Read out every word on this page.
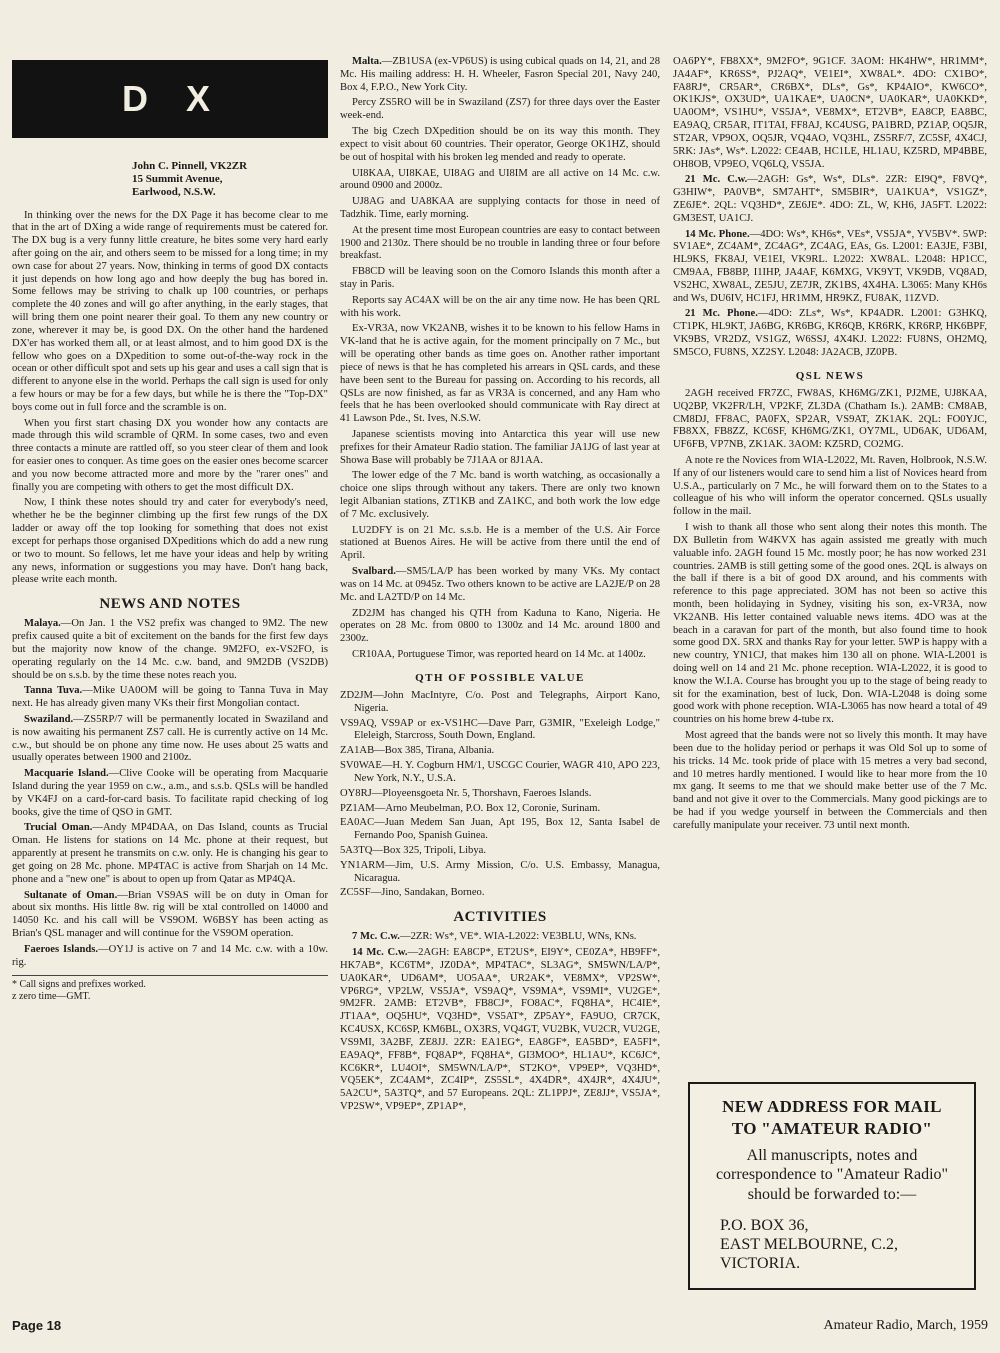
D X
John C. Pinnell, VK2ZR
15 Summit Avenue,
Earlwood, N.S.W.

In thinking over the news for the DX Page it has become clear to me that in the art of DXing a wide range of requirements must be catered for. The DX bug is a very funny little creature, he bites some very hard early after going on the air, and others seem to be missed for a long time; in my own case for about 27 years. Now, thinking in terms of good DX contacts it just depends on how long ago and how deeply the bug has bored in. Some fellows may be striving to chalk up 100 countries, or perhaps complete the 40 zones and will go after anything, in the early stages, that will bring them one point nearer their goal. To them any new country or zone, wherever it may be, is good DX. On the other hand the hardened DX'er has worked them all, or at least almost, and to him good DX is the fellow who goes on a DXpedition to some out-of-the-way rock in the ocean or other difficult spot and sets up his gear and uses a call sign that is different to anyone else in the world. Perhaps the call sign is used for only a few hours or may be for a few days, but while he is there the "Top-DX" boys come out in full force and the scramble is on.

When you first start chasing DX you wonder how any contacts are made through this wild scramble of QRM. In some cases, two and even three contacts a minute are rattled off, so you steer clear of them and look for easier ones to conquer. As time goes on the easier ones become scarcer and you now become attracted more and more by the "rarer ones" and finally you are competing with others to get the most difficult DX.

Now, I think these notes should try and cater for everybody's need, whether he be the beginner climbing up the first few rungs of the DX ladder or away off the top looking for something that does not exist except for perhaps those organised DXpeditions which do add a new rung or two to mount. So fellows, let me have your ideas and help by writing any news, information or suggestions you may have. Don't hang back, please write each month.

NEWS AND NOTES

Malaya.—On Jan. 1 the VS2 prefix was changed to 9M2. The new prefix caused quite a bit of excitement on the bands for the first few days but the majority now know of the change. 9M2FO, ex-VS2FO, is operating regularly on the 14 Mc. c.w. band, and 9M2DB (VS2DB) should be on s.s.b. by the time these notes reach you.

Tanna Tuva.—Mike UA0OM will be going to Tanna Tuva in May next. He has already given many VKs their first Mongolian contact.

Swaziland.—ZS5RP/7 will be permanently located in Swaziland and is now awaiting his permanent ZS7 call. He is currently active on 14 Mc. c.w., but should be on phone any time now. He uses about 25 watts and usually operates between 1900 and 2100z.

Macquarie Island.—Clive Cooke will be operating from Macquarie Island during the year 1959 on c.w., a.m., and s.s.b. QSLs will be handled by VK4FJ on a card-for-card basis. To facilitate rapid checking of log books, give the time of QSO in GMT.

Trucial Oman.—Andy MP4DAA, on Das Island, counts as Trucial Oman. He listens for stations on 14 Mc. phone at their request, but apparently at present he transmits on c.w. only. He is changing his gear to get going on 28 Mc. phone. MP4TAC is active from Sharjah on 14 Mc. phone and a "new one" is about to open up from Qatar as MP4QA.

Sultanate of Oman.—Brian VS9AS will be on duty in Oman for about six months. His little 8w. rig will be xtal controlled on 14000 and 14050 Kc. and his call will be VS9OM. W6BSY has been acting as Brian's QSL manager and will continue for the VS9OM operation.

Faeroes Islands.—OY1J is active on 7 and 14 Mc. c.w. with a 10w. rig.

* Call signs and prefixes worked.
z zero time—GMT.

Malta.—ZB1USA (ex-VP6US) is using cubical quads on 14, 21, and 28 Mc. His mailing address: H. H. Wheeler, Fasron Special 201, Navy 240, Box 4, F.P.O., New York City.

Percy ZS5RO will be in Swaziland (ZS7) for three days over the Easter week-end.

The big Czech DXpedition should be on its way this month. They expect to visit about 60 countries. Their operator, George OK1HZ, should be out of hospital with his broken leg mended and ready to operate.

UI8KAA, UI8KAE, UI8AG and UI8IM are all active on 14 Mc. c.w. around 0900 and 2000z.

UJ8AG and UA8KAA are supplying contacts for those in need of Tadzhik. Time, early morning.

At the present time most European countries are easy to contact between 1900 and 2130z. There should be no trouble in landing three or four before breakfast.

FB8CD will be leaving soon on the Comoro Islands this month after a stay in Paris.

Reports say AC4AX will be on the air any time now. He has been QRL with his work.

Ex-VR3A, now VK2ANB, wishes it to be known to his fellow Hams in VK-land that he is active again, for the moment principally on 7 Mc., but will be operating other bands as time goes on. Another rather important piece of news is that he has completed his arrears in QSL cards, and these have been sent to the Bureau for passing on. According to his records, all QSLs are now finished, as far as VR3A is concerned, and any Ham who feels that he has been overlooked should communicate with Ray direct at 41 Lawson Pde., St. Ives, N.S.W.

Japanese scientists moving into Antarctica this year will use new prefixes for their Amateur Radio station. The familiar JA1JG of last year at Showa Base will probably be 7J1AA or 8J1AA.

The lower edge of the 7 Mc. band is worth watching, as occasionally a choice one slips through without any takers. There are only two known legit Albanian stations, ZT1KB and ZA1KC, and both work the low edge of 7 Mc. exclusively.

LU2DFY is on 21 Mc. s.s.b. He is a member of the U.S. Air Force stationed at Buenos Aires. He will be active from there until the end of April.

Svalbard.—SM5/LA/P has been worked by many VKs. My contact was on 14 Mc. at 0945z. Two others known to be active are LA2JE/P on 28 Mc. and LA2TD/P on 14 Mc.

ZD2JM has changed his QTH from Kaduna to Kano, Nigeria. He operates on 28 Mc. from 0800 to 1300z and 14 Mc. around 1800 and 2300z.

CR10AA, Portuguese Timor, was reported heard on 14 Mc. at 1400z.

QTH OF POSSIBLE VALUE

ZD2JM—John MacIntyre, C/o. Post and Telegraphs, Airport Kano, Nigeria.

VS9AQ, VS9AP or ex-VS1HC—Dave Parr, G3MIR, "Exeleigh Lodge," Eleleigh, Starcross, South Down, England.

ZA1AB—Box 385, Tirana, Albania.

SV0WAE—H. Y. Cogburn HM/1, USCGC Courier, WAGR 410, APO 223, New York, N.Y., U.S.A.

OY8RJ—Ployeensgoeta Nr. 5, Thorshavn, Faeroes Islands.

PZ1AM—Arno Meubelman, P.O. Box 12, Coronie, Surinam.

EA0AC—Juan Medem San Juan, Apt 195, Box 12, Santa Isabel de Fernando Poo, Spanish Guinea.

5A3TQ—Box 325, Tripoli, Libya.

YN1ARM—Jim, U.S. Army Mission, C/o. U.S. Embassy, Managua, Nicaragua.

ZC5SF—Jino, Sandakan, Borneo.

ACTIVITIES

7 Mc. C.w.—2ZR: Ws*, VE*. WIA-L2022: VE3BLU, WNs, KNs.

14 Mc. C.w.—2AGH: EA8CP*, ET2US*, EI9Y*, CE0ZA*, HB9FF*, HK7AB*, KC6TM*, JZ0DA*, MP4TAC*, SL3AG*, SM5WN/LA/P*, UA0KAR*, UD6AM*, UO5AA*, UR2AK*, VE8MX*, VP2SW*, VP6RG*, VP2LW, VS5JA*, VS9AQ*, VS9MA*, VS9MI*, VU2GE*, 9M2FR. 2AMB: ET2VB*, FB8CJ*, FO8AC*, FQ8HA*, HC4IE*, JT1AA*, OQ5HU*, VQ3HD*, VS5AT*, ZP5AY*, FA9UO, CR7CK, KC4USX, KC6SP, KM6BL, OX3RS, VQ4GT, VU2BK, VU2CR, VU2GE, VS9MI, 3A2BF, ZE8JJ. 2ZR: EA1EG*, EA8GF*, EA5BD*, EA5FI*, EA9AQ*, FF8B*, FQ8AP*, FQ8HA*, GI3MOO*, HL1AU*, KC6JC*, KC6KR*, LU4OI*, SM5WN/LA/P*, ST2KO*, VP9EP*, VQ3HD*, VQ5EK*, ZC4AM*, ZC4IP*, ZS5SL*, 4X4DR*, 4X4JR*, 4X4JU*, 5A2CU*, 5A3TQ*, and 57 Europeans. 2QL: ZL1PPJ*, ZE8JJ*, VS5JA*, VP2SW*, VP9EP*, ZP1AP*,

OA6PY*, FB8XX*, 9M2FO*, 9G1CF. 3AOM: HK4HW*, HR1MM*, JA4AF*, KR6SS*, PJ2AQ*, VE1EI*, XW8AL*. 4DO: CX1BO*, FA8RJ*, CR5AR*, CR6BX*, DLs*, Gs*, KP4AIO*, KW6CO*, OK1KJS*, OX3UD*, UA1KAE*, UA0CN*, UA0KAR*, UA0KKD*, UA0OM*, VS1HU*, VS5JA*, VE8MX*, ET2VB*, EA8CP, EA8BC, EA9AQ, CR5AR, IT1TAI, FF8AJ, KC4USG, PA1BRD, PZ1AP, OQ5JR, ST2AR, VP9OX, OQ5JR, VQ4AO, VQ3HL, ZS5RF/7, ZC5SF, 4X4CJ, 5RK: JAs*, Ws*. L2022: CE4AB, HC1LE, HL1AU, KZ5RD, MP4BBE, OH8OB, VP9EO, VQ6LQ, VS5JA.

21 Mc. C.w.—2AGH: Gs*, Ws*, DLs*. 2ZR: EI9Q*, F8VQ*, G3HIW*, PA0VB*, SM7AHT*, SM5BIR*, UA1KUA*, VS1GZ*, ZE6JE*. 2QL: VQ3HD*, ZE6JE*. 4DO: ZL, W, KH6, JA5FT. L2022: GM3EST, UA1CJ.

14 Mc. Phone.—4DO: Ws*, KH6s*, VEs*, VS5JA*, YV5BV*. 5WP: SV1AE*, ZC4AM*, ZC4AG*, ZC4AG, EAs, Gs. L2001: EA3JE, F3BI, HL9KS, FK8AJ, VE1EI, VK9RL. L2022: XW8AL. L2048: HP1CC, CM9AA, FB8BP, I1IHP, JA4AF, K6MXG, VK9YT, VK9DB, VQ8AD, VS2HC, XW8AL, ZE5JU, ZE7JR, ZK1BS, 4X4HA. L3065: Many KH6s and Ws, DU6IV, HC1FJ, HR1MM, HR9KZ, FU8AK, 11ZVD.

21 Mc. Phone.—4DO: ZLs*, Ws*, KP4ADR. L2001: G3HKQ, CT1PK, HL9KT, JA6BG, KR6BG, KR6QB, KR6RK, KR6RP, HK6BPF, VK9BS, VR2DZ, VS1GZ, W6SSJ, 4X4KJ. L2022: FU8NS, OH2MQ, SM5CO, FU8NS, XZ2SY. L2048: JA2ACB, JZ0PB.

QSL NEWS

2AGH received FR7ZC, FW8AS, KH6MG/ZK1, PJ2ME, UJ8KAA, UQ2BP, VK2FR/LH, VP2KF, ZL3DA (Chatham Is.). 2AMB: CM8AB, CM8DJ, FF8AC, PA0FX, SP2AR, VS9AT, ZK1AK. 2QL: FO0YJC, FB8XX, FB8ZZ, KC6SF, KH6MG/ZK1, OY7ML, UD6AK, UD6AM, UF6FB, VP7NB, ZK1AK. 3AOM: KZ5RD, CO2MG.

A note re the Novices from WIA-L2022, Mt. Raven, Holbrook, N.S.W. If any of our listeners would care to send him a list of Novices heard from U.S.A., particularly on 7 Mc., he will forward them on to the States to a colleague of his who will inform the operator concerned. QSLs usually follow in the mail.

I wish to thank all those who sent along their notes this month. The DX Bulletin from W4KVX has again assisted me greatly with much valuable info. 2AGH found 15 Mc. mostly poor; he has now worked 231 countries. 2AMB is still getting some of the good ones. 2QL is always on the ball if there is a bit of good DX around, and his comments with reference to this page appreciated. 3OM has not been so active this month, been holidaying in Sydney, visiting his son, ex-VR3A, now VK2ANB. His letter contained valuable news items. 4DO was at the beach in a caravan for part of the month, but also found time to hook some good DX. 5RX and thanks Ray for your letter. 5WP is happy with a new country, YN1CJ, that makes him 130 all on phone. WIA-L2001 is doing well on 14 and 21 Mc. phone reception. WIA-L2022, it is good to know the W.I.A. Course has brought you up to the stage of being ready to sit for the examination, best of luck, Don. WIA-L2048 is doing some good work with phone reception. WIA-L3065 has now heard a total of 49 countries on his home brew 4-tube rx.

Most agreed that the bands were not so lively this month. It may have been due to the holiday period or perhaps it was Old Sol up to some of his tricks. 14 Mc. took pride of place with 15 metres a very bad second, and 10 metres hardly mentioned. I would like to hear more from the 10 mx gang. It seems to me that we should make better use of the 7 Mc. band and not give it over to the Commercials. Many good pickings are to be had if you wedge yourself in between the Commercials and then carefully manipulate your receiver. 73 until next month.

NEW ADDRESS FOR MAIL
TO "AMATEUR RADIO"
All manuscripts, notes and correspondence to "Amateur Radio" should be forwarded to:—
P.O. BOX 36,
EAST MELBOURNE, C.2,
VICTORIA.
Page 18	Amateur Radio, March, 1959
